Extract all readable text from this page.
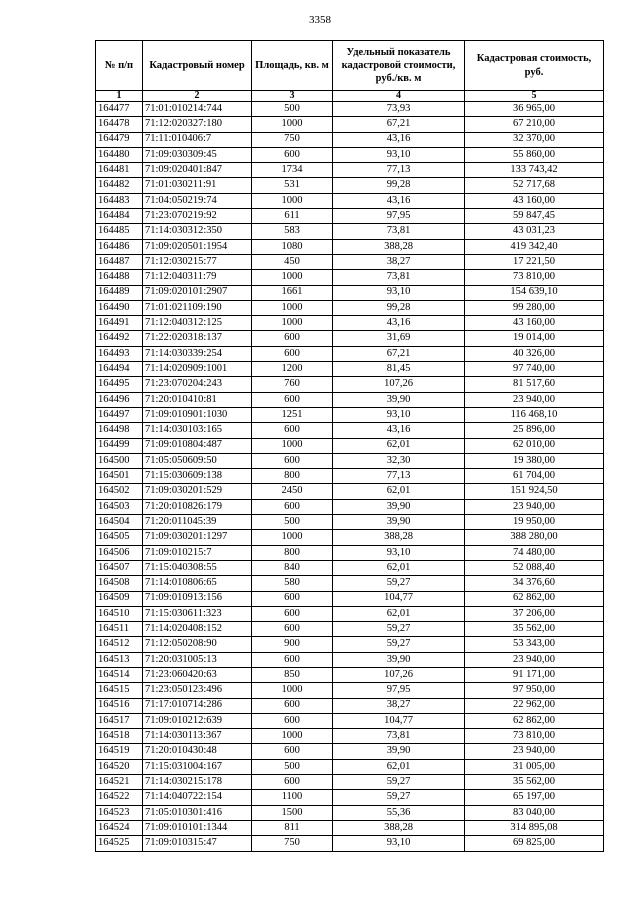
3358
№ п/п	Кадастровый номер	Площадь, кв. м	Удельный показатель кадастровой стоимости, руб./кв. м	Кадастровая стоимость, руб.
1	2	3	4	5
164477	71:01:010214:744	500	73,93	36 965,00
164478	71:12:020327:180	1000	67,21	67 210,00
164479	71:11:010406:7	750	43,16	32 370,00
164480	71:09:030309:45	600	93,10	55 860,00
164481	71:09:020401:847	1734	77,13	133 743,42
164482	71:01:030211:91	531	99,28	52 717,68
164483	71:04:050219:74	1000	43,16	43 160,00
164484	71:23:070219:92	611	97,95	59 847,45
164485	71:14:030312:350	583	73,81	43 031,23
164486	71:09:020501:1954	1080	388,28	419 342,40
164487	71:12:030215:77	450	38,27	17 221,50
164488	71:12:040311:79	1000	73,81	73 810,00
164489	71:09:020101:2907	1661	93,10	154 639,10
164490	71:01:021109:190	1000	99,28	99 280,00
164491	71:12:040312:125	1000	43,16	43 160,00
164492	71:22:020318:137	600	31,69	19 014,00
164493	71:14:030339:254	600	67,21	40 326,00
164494	71:14:020909:1001	1200	81,45	97 740,00
164495	71:23:070204:243	760	107,26	81 517,60
164496	71:20:010410:81	600	39,90	23 940,00
164497	71:09:010901:1030	1251	93,10	116 468,10
164498	71:14:030103:165	600	43,16	25 896,00
164499	71:09:010804:487	1000	62,01	62 010,00
164500	71:05:050609:50	600	32,30	19 380,00
164501	71:15:030609:138	800	77,13	61 704,00
164502	71:09:030201:529	2450	62,01	151 924,50
164503	71:20:010826:179	600	39,90	23 940,00
164504	71:20:011045:39	500	39,90	19 950,00
164505	71:09:030201:1297	1000	388,28	388 280,00
164506	71:09:010215:7	800	93,10	74 480,00
164507	71:15:040308:55	840	62,01	52 088,40
164508	71:14:010806:65	580	59,27	34 376,60
164509	71:09:010913:156	600	104,77	62 862,00
164510	71:15:030611:323	600	62,01	37 206,00
164511	71:14:020408:152	600	59,27	35 562,00
164512	71:12:050208:90	900	59,27	53 343,00
164513	71:20:031005:13	600	39,90	23 940,00
164514	71:23:060420:63	850	107,26	91 171,00
164515	71:23:050123:496	1000	97,95	97 950,00
164516	71:17:010714:286	600	38,27	22 962,00
164517	71:09:010212:639	600	104,77	62 862,00
164518	71:14:030113:367	1000	73,81	73 810,00
164519	71:20:010430:48	600	39,90	23 940,00
164520	71:15:031004:167	500	62,01	31 005,00
164521	71:14:030215:178	600	59,27	35 562,00
164522	71:14:040722:154	1100	59,27	65 197,00
164523	71:05:010301:416	1500	55,36	83 040,00
164524	71:09:010101:1344	811	388,28	314 895,08
164525	71:09:010315:47	750	93,10	69 825,00
